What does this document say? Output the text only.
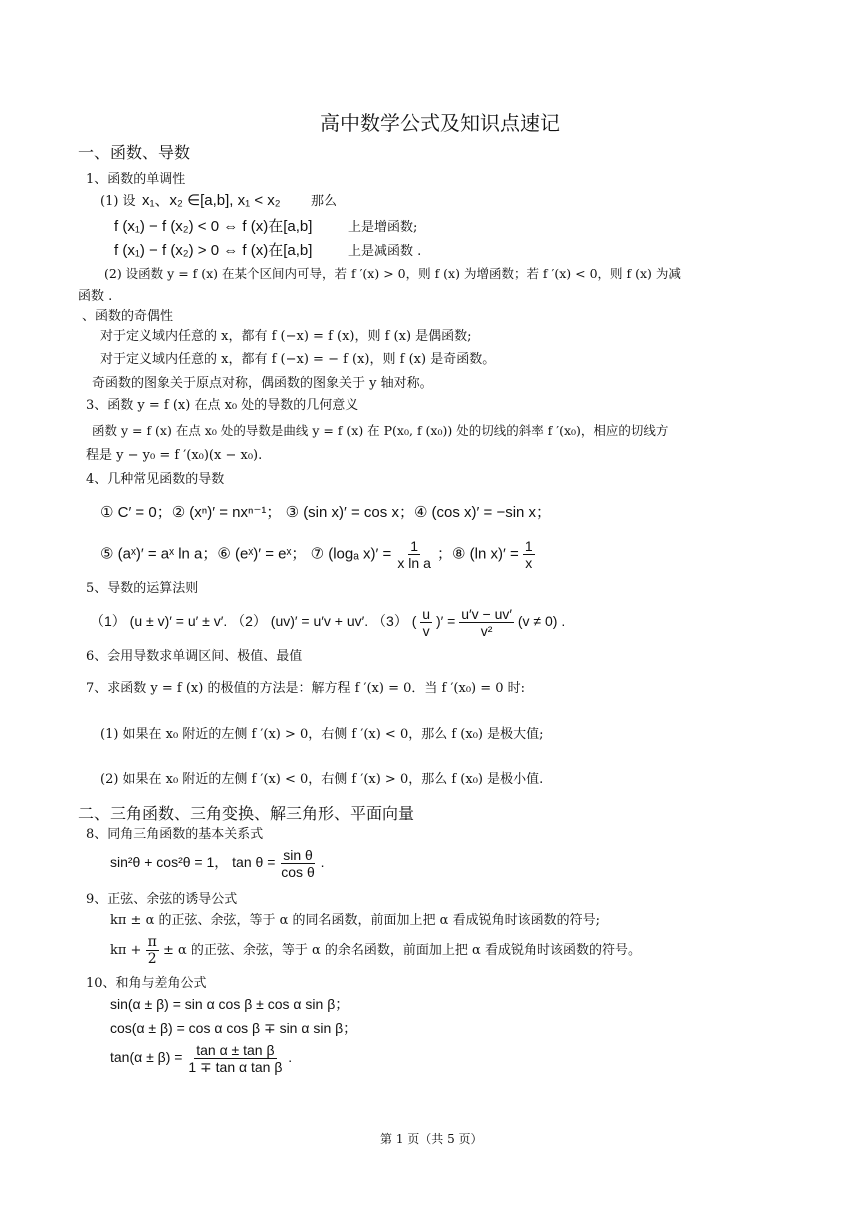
高中数学公式及知识点速记
一、函数、导数
1、函数的单调性
(1) 设 x₁、x₂ ∈[a,b], x₁ < x₂ 那么
f (x₁) − f (x₂) < 0 ⇔ f (x)在[a,b]	上是增函数;
f (x₁) − f (x₂) > 0 ⇔ f (x)在[a,b]	上是减函数 .
(2) 设函数 y = f (x) 在某个区间内可导，若 f ′(x) > 0，则 f (x) 为增函数；若 f ′(x) < 0，则 f (x) 为减
函数 .
、函数的奇偶性
对于定义域内任意的 x，都有 f (−x) = f (x)，则 f (x) 是偶函数;
对于定义域内任意的 x，都有 f (−x) = − f (x)，则 f (x) 是奇函数。
奇函数的图象关于原点对称，偶函数的图象关于 y 轴对称。
3、函数 y = f (x) 在点 x₀ 处的导数的几何意义
函数 y = f (x) 在点 x₀ 处的导数是曲线 y = f (x) 在 P(x₀, f (x₀)) 处的切线的斜率 f ′(x₀)，相应的切线方
程是 y − y₀ = f ′(x₀)(x − x₀).
4、几种常见函数的导数
① C′ = 0；② (xⁿ)′ = nxⁿ⁻¹； ③ (sin x)′ = cos x；④ (cos x)′ = −sin x；
⑤ (aˣ)′ = aˣ ln a；⑥ (eˣ)′ = eˣ； ⑦ (logₐ $x)' = \frac{1}{\text{x ln a}}$ ；⑧ (ln $x)' = \frac{1}{x}$
5、导数的运算法则
（1） (u ± v)′ = u′ ± v′. （2） (uv)′ = u′v + uv′. （3） ( $\frac{u}{v}$ )′ = $\frac{u'v - uv'}{\text{v²}} (v \ne 0)$ .
6、会用导数求单调区间、极值、最值
7、求函数 y = f (x) 的极值的方法是：解方程 f ′(x) = 0．当 f ′(x₀) = 0 时:
(1) 如果在 x₀ 附近的左侧 f ′(x) > 0，右侧 f ′(x) < 0，那么 f (x₀) 是极大值;
(2) 如果在 x₀ 附近的左侧 f ′(x) < 0，右侧 f ′(x) > 0，那么 f (x₀) 是极小值.
二、三角函数、三角变换、解三角形、平面向量
8、同角三角函数的基本关系式
sin²θ + cos²θ = 1， $\tan \theta = \frac{\text{sin θ}}{\text{cos θ}}$ .
9、正弦、余弦的诱导公式
kπ ± α 的正弦、余弦，等于 α 的同名函数，前面加上把 α 看成锐角时该函数的符号;
$k\pi + \frac{\pi}{2} \pm \alpha$ 的正弦、余弦，等于 α 的余名函数，前面加上把 α 看成锐角时该函数的符号。
10、和角与差角公式
sin(α ± β) = sin α cos β ± cos α sin β；
cos(α ± β) = cos α cos β ∓ sin α sin β；
$\tan(\alpha \pm \beta) = \frac{\text{tan α ± tan β}}{\text{1 ∓ tan α tan β}}$ .
第 1 页（共 5 页）
